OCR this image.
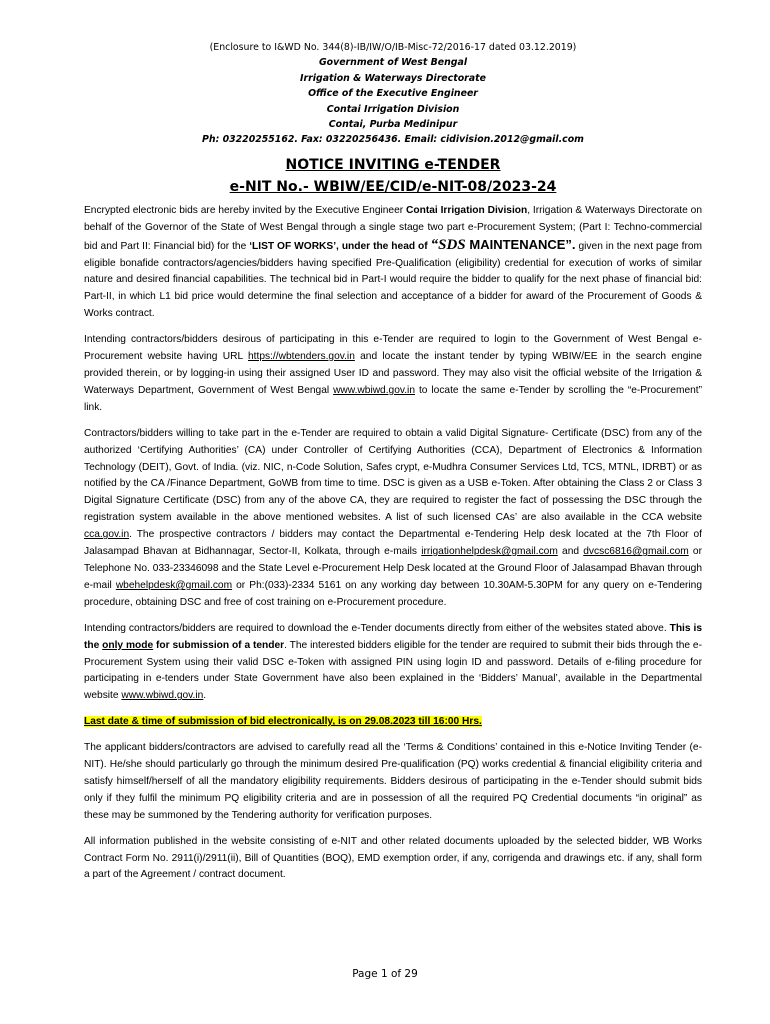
(Enclosure to I&WD No. 344(8)-IB/IW/O/IB-Misc-72/2016-17 dated 03.12.2019)
Government of West Bengal
Irrigation & Waterways Directorate
Office of the Executive Engineer
Contai Irrigation Division
Contai, Purba Medinipur
Ph: 03220255162. Fax: 03220256436. Email: cidivision.2012@gmail.com
NOTICE INVITING e-TENDER
e-NIT No.- WBIW/EE/CID/e-NIT-08/2023-24

Encrypted electronic bids are hereby invited by the Executive Engineer Contai Irrigation Division, Irrigation & Waterways Directorate on behalf of the Governor of the State of West Bengal through a single stage two part e-Procurement System; (Part I: Techno-commercial bid and Part II: Financial bid) for the ‘LIST OF WORKS’, under the head of “SDS MAINTENANCE”. given in the next page from eligible bonafide contractors/agencies/bidders having specified Pre-Qualification (eligibility) credential for execution of works of similar nature and desired financial capabilities. The technical bid in Part-I would require the bidder to qualify for the next phase of financial bid: Part-II, in which L1 bid price would determine the final selection and acceptance of a bidder for award of the Procurement of Goods & Works contract.

Intending contractors/bidders desirous of participating in this e-Tender are required to login to the Government of West Bengal e-Procurement website having URL https://wbtenders.gov.in and locate the instant tender by typing WBIW/EE in the search engine provided therein, or by logging-in using their assigned User ID and password. They may also visit the official website of the Irrigation & Waterways Department, Government of West Bengal www.wbiwd.gov.in to locate the same e-Tender by scrolling the “e-Procurement” link.

Contractors/bidders willing to take part in the e-Tender are required to obtain a valid Digital Signature- Certificate (DSC) from any of the authorized ‘Certifying Authorities’ (CA) under Controller of Certifying Authorities (CCA), Department of Electronics & Information Technology (DEIT), Govt. of India. (viz. NIC, n-Code Solution, Safes crypt, e-Mudhra Consumer Services Ltd, TCS, MTNL, IDRBT) or as notified by the CA /Finance Department, GoWB from time to time. DSC is given as a USB e-Token. After obtaining the Class 2 or Class 3 Digital Signature Certificate (DSC) from any of the above CA, they are required to register the fact of possessing the DSC through the registration system available in the above mentioned websites. A list of such licensed CAs’ are also available in the CCA website cca.gov.in. The prospective contractors / bidders may contact the Departmental e-Tendering Help desk located at the 7th Floor of Jalasampad Bhavan at Bidhannagar, Sector-II, Kolkata, through e-mails irrigationhelpdesk@gmail.com and dvcsc6816@gmail.com or Telephone No. 033-23346098 and the State Level e-Procurement Help Desk located at the Ground Floor of Jalasampad Bhavan through e-mail wbehelpdesk@gmail.com or Ph:(033)-2334 5161 on any working day between 10.30AM-5.30PM for any query on e-Tendering procedure, obtaining DSC and free of cost training on e-Procurement procedure.

Intending contractors/bidders are required to download the e-Tender documents directly from either of the websites stated above. This is the only mode for submission of a tender. The interested bidders eligible for the tender are required to submit their bids through the e-Procurement System using their valid DSC e-Token with assigned PIN using login ID and password. Details of e-filing procedure for participating in e-tenders under State Government have also been explained in the ‘Bidders’ Manual’, available in the Departmental website www.wbiwd.gov.in.

Last date & time of submission of bid electronically, is on 29.08.2023 till 16:00 Hrs.

The applicant bidders/contractors are advised to carefully read all the ‘Terms & Conditions’ contained in this e-Notice Inviting Tender (e-NIT). He/she should particularly go through the minimum desired Pre-qualification (PQ) works credential & financial eligibility criteria and satisfy himself/herself of all the mandatory eligibility requirements. Bidders desirous of participating in the e-Tender should submit bids only if they fulfil the minimum PQ eligibility criteria and are in possession of all the required PQ Credential documents “in original” as these may be summoned by the Tendering authority for verification purposes.

All information published in the website consisting of e-NIT and other related documents uploaded by the selected bidder, WB Works Contract Form No. 2911(i)/2911(ii), Bill of Quantities (BOQ), EMD exemption order, if any, corrigenda and drawings etc. if any, shall form a part of the Agreement / contract document.

Page 1 of 29
